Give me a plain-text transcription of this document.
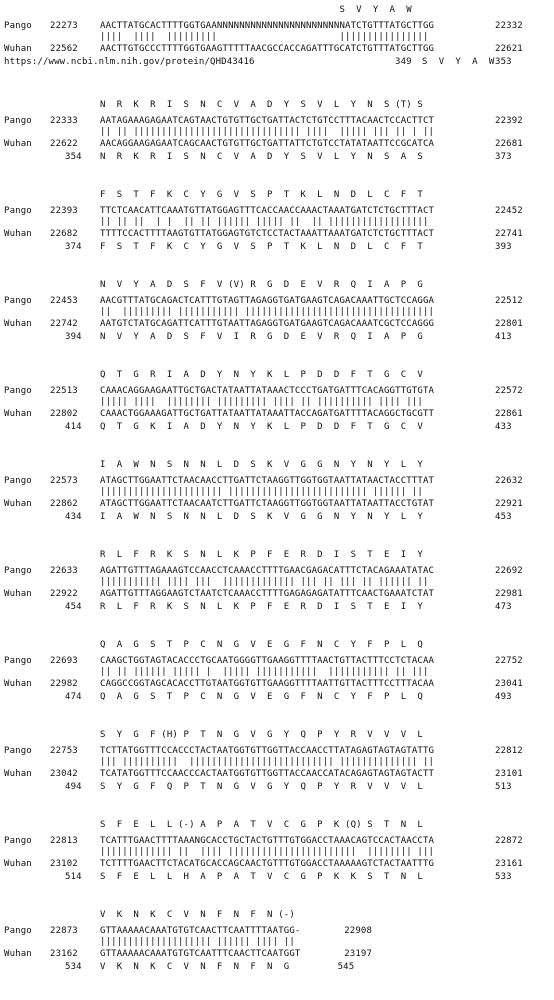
S  V  Y  A  W
Pango 22273 AACTTATGCACTTTTGGTGAANNNNNNNNNNNNNNNNNNNNNNNATCTGTTTATGCTTGG	22332
||||  ||||  |||||||||                      ||||||||||||||||
Wuhan 22562 AACTTGTGCCCTTTTGGTGAAGTTTTTAACGCCACCAGATTTGCATCTGTTTATGCTTGG	22621
https://www.ncbi.nlm.nih.gov/protein/QHD43416	349 S  V  Y  A  W 353
N  R  K  R  I  S  N  C  V  A  D  Y  S  V  L  Y  N  S (T) S
Pango 22333 AATAGAAAGAGAATCAGTAACTGTGTTGCTGATTACTCTGTCCTTTACAACTCCACTTCT	22392
|| || |||||||||||||||||||||||||||||| ||||  ||||| ||| || | ||
Wuhan 22622 AACAGGAAGAGAATCAGCAACTGTGTTGCTGATTATTCTGTCCTATATAATTCCGCATCA	22681
354 N  R  K  R  I  S  N  C  V  A  D  Y  S  V  L  Y  N  S  A  S	373
F  S  T  F  K  C  Y  G  V  S  P  T  K  L  N  D  L  C  F  T
Pango 22393 TTCTCAACATTCAAATGTTATGGAGTTTCACCAACCAAACTAAATGATCTCTGCTTTACT	22452
|| || ||  | |  || || |||||| ||||| ||  || ||||||||||||||||||
Wuhan 22682 TTTTCCACTTTTAAGTGTTATGGAGTGTCTCCTACTAAATTAAATGATCTCTGCTTTACT	22741
374 F  S  T  F  K  C  Y  G  V  S  P  T  K  L  N  D  L  C  F  T	393
N  V  Y  A  D  S  F  V (V) R  G  D  E  V  R  Q  I  A  P  G
Pango 22453 AACGTTTATGCAGACTCATTTGTAGTTAGAGGTGATGAAGTCAGACAAATTGCTCCAGGA	22512
||  ||||||||| ||||||||||| ||||||||||||||||||||||||||||||||||
Wuhan 22742 AATGTCTATGCAGATTCATTTGTAATTAGAGGTGATGAAGTCAGACAAATCGCTCCAGGG	22801
394 N  V  Y  A  D  S  F  V  I  R  G  D  E  V  R  Q  I  A  P  G	413
Q  T  G  R  I  A  D  Y  N  Y  K  L  P  D  D  F  T  G  C  V
Pango 22513 CAAACAGGAAGAATTGCTGACTATAATTATAAACTCCCTGATGATTTCACAGGTTGTGTA	22572
||||| ||||  |||||||| ||||||||| |||| || |||||||||| |||| |||
Wuhan 22802 CAAACTGGAAAGATTGCTGATTATAATTATAAATTACCAGATGATTTTACAGGCTGCGTT	22861
414 Q  T  G  K  I  A  D  Y  N  Y  K  L  P  D  D  F  T  G  C  V	433
I  A  W  N  S  N  N  L  D  S  K  V  G  G  N  Y  N  Y  L  Y
Pango 22573 ATAGCTTGGAATTCTAACAACCTTGATTCTAAGGTTGGTGGTAATTATAACTACCTTTAT	22632
|||||||||||||||||||||| ||||||||||||||||||||||||| |||||| ||
Wuhan 22862 ATAGCTTGGAATTCTAACAATCTTGATTCTAAGGTTGGTGGTAATTATAATTACCTGTAT	22921
434 I  A  W  N  S  N  N  L  D  S  K  V  G  G  N  Y  N  Y  L  Y	453
R  L  F  R  K  S  N  L  K  P  F  E  R  D  I  S  T  E  I  Y
Pango 22633 AGATTGTTTAGAAAGTCCAACCTCAAACCTTTTGAACGAGACATTTCTACAGAAATATAC	22692
||||||||||| |||| |||  ||||||||||||| ||| || ||| || |||||| ||
Wuhan 22922 AGATTGTTTAGGAAGTCTAATCTCAAACCTTTTGAGAGAGATATTTCAACTGAAATCTAT	22981
454 R  L  F  R  K  S  N  L  K  P  F  E  R  D  I  S  T  E  I  Y	473
Q  A  G  S  T  P  C  N  G  V  E  G  F  N  C  Y  F  P  L  Q
Pango 22693 CAAGCTGGTAGTACACCCTGCAATGGGGTTGAAGGTTTTAACTGTTACTTTCCTCTACAA	22752
|| || |||||| ||||| |  ||||| |||||||||||  ||||||||||| || |||
Wuhan 22982 CAGGCCGGTAGCACACCTTGTAATGGTGTTGAAGGTTTTAATTGTTACTTTCCTTTACAA	23041
474 Q  A  G  S  T  P  C  N  G  V  E  G  F  N  C  Y  F  P  L  Q	493
S  Y  G  F (H) P  T  N  G  V  G  Y  Q  P  Y  R  V  V  V  L
Pango 22753 TCTTATGGTTTCCACCCTACTAATGGTGTTGGTTACCAACCTTATAGAGTAGTAGTATTG	22812
||| ||||||||||  |||||||||||||||||||||||||| |||||||||||||| ||
Wuhan 23042 TCATATGGTTTCCAACCCACTAATGGTGTTGGTTACCAACCATACAGAGTAGTAGTACTT	23101
494 S  Y  G  F  Q  P  T  N  G  V  G  Y  Q  P  Y  R  V  V  V  L	513
S  F  E  L  L (-) A  P  A  T  V  C  G  P  K (Q) S  T  N  L
Pango 22813 TCATTTGAACTTTTAAANGCACCTGCTACTGTTTGTGGACCTAAACAGTCCACTAACCTA	22872
||||||||||||| ||  |||| |||||||||||||||||||||||  |||||||| |||
Wuhan 23102 TCTTTTGAACTTCTACATGCACCAGCAACTGTTTGTGGACCTAAAAAGTCTACTAATTTG	23161
514 S  F  E  L  L  H  A  P  A  T  V  C  G  P  K  K  S  T  N  L	533
V  K  N  K  C  V  N  F  N  F  N (-)
Pango 22873 GTTAAAAACAAATGTGTCAACTTCAATTTTAATGG-	22908
|||||||||||||||||||| |||||| |||| ||
Wuhan 23162 GTTAAAAACAAATGTGTCAATTTCAACTTCAATGGT	23197
534 V  K  N  K  C  V  N  F  N  F  N  G	545
